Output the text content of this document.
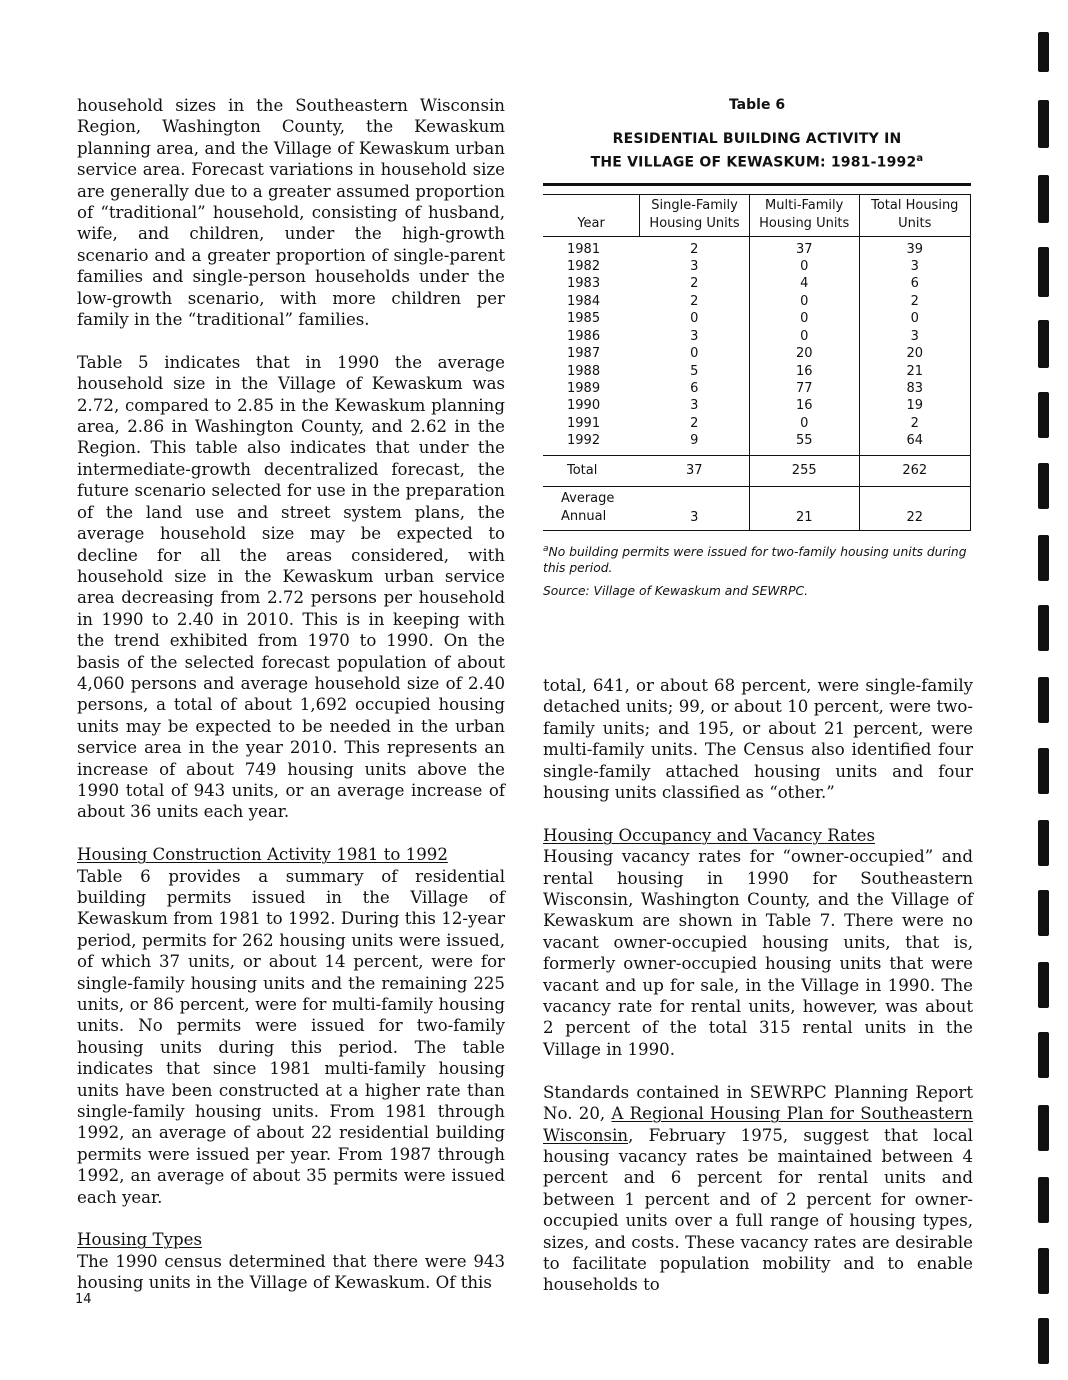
household sizes in the Southeastern Wisconsin Region, Washington County, the Kewaskum planning area, and the Village of Kewaskum urban service area. Forecast variations in household size are generally due to a greater assumed proportion of “traditional” household, consisting of husband, wife, and children, under the high-growth scenario and a greater proportion of single-parent families and single-person households under the low-growth scenario, with more children per family in the “traditional” families.

Table 5 indicates that in 1990 the average household size in the Village of Kewaskum was 2.72, compared to 2.85 in the Kewaskum planning area, 2.86 in Washington County, and 2.62 in the Region. This table also indicates that under the intermediate-growth decentralized forecast, the future scenario selected for use in the preparation of the land use and street system plans, the average household size may be expected to decline for all the areas considered, with household size in the Kewaskum urban service area decreasing from 2.72 persons per household in 1990 to 2.40 in 2010. This is in keeping with the trend exhibited from 1970 to 1990. On the basis of the selected forecast population of about 4,060 persons and average household size of 2.40 persons, a total of about 1,692 occupied housing units may be expected to be needed in the urban service area in the year 2010. This represents an increase of about 749 housing units above the 1990 total of 943 units, or an average increase of about 36 units each year.

Housing Construction Activity 1981 to 1992
Table 6 provides a summary of residential building permits issued in the Village of Kewaskum from 1981 to 1992. During this 12-year period, permits for 262 housing units were issued, of which 37 units, or about 14 percent, were for single-family housing units and the remaining 225 units, or 86 percent, were for multi-family housing units. No permits were issued for two-family housing units during this period. The table indicates that since 1981 multi-family housing units have been constructed at a higher rate than single-family housing units. From 1981 through 1992, an average of about 22 residential building permits were issued per year. From 1987 through 1992, an average of about 35 permits were issued each year.
Housing Types
The 1990 census determined that there were 943 housing units in the Village of Kewaskum. Of this
Table 6
RESIDENTIAL BUILDING ACTIVITY IN
THE VILLAGE OF KEWASKUM: 1981-1992$^a$
Year	Single-Family Housing Units	Multi-Family Housing Units	Total Housing Units
1981	2	37	39
1982	3	0	3
1983	2	4	6
1984	2	0	2
1985	0	0	0
1986	3	0	3
1987	0	20	20
1988	5	16	21
1989	6	77	83
1990	3	16	19
1991	2	0	2
1992	9	55	64
Total	37	255	262
Average Annual	3	21	22
$^a$No building permits were issued for two-family housing units during this period.
Source: Village of Kewaskum and SEWRPC.

total, 641, or about 68 percent, were single-family detached units; 99, or about 10 percent, were two-family units; and 195, or about 21 percent, were multi-family units. The Census also identified four single-family attached housing units and four housing units classified as “other.”

Housing Occupancy and Vacancy Rates
Housing vacancy rates for “owner-occupied” and rental housing in 1990 for Southeastern Wisconsin, Washington County, and the Village of Kewaskum are shown in Table 7. There were no vacant owner-occupied housing units, that is, formerly owner-occupied housing units that were vacant and up for sale, in the Village in 1990. The vacancy rate for rental units, however, was about 2 percent of the total 315 rental units in the Village in 1990.

Standards contained in SEWRPC Planning Report No. 20, A Regional Housing Plan for Southeastern Wisconsin, February 1975, suggest that local housing vacancy rates be maintained between 4 percent and 6 percent for rental units and between 1 percent and of 2 percent for owner-occupied units over a full range of housing types, sizes, and costs. These vacancy rates are desirable to facilitate population mobility and to enable households to

14
